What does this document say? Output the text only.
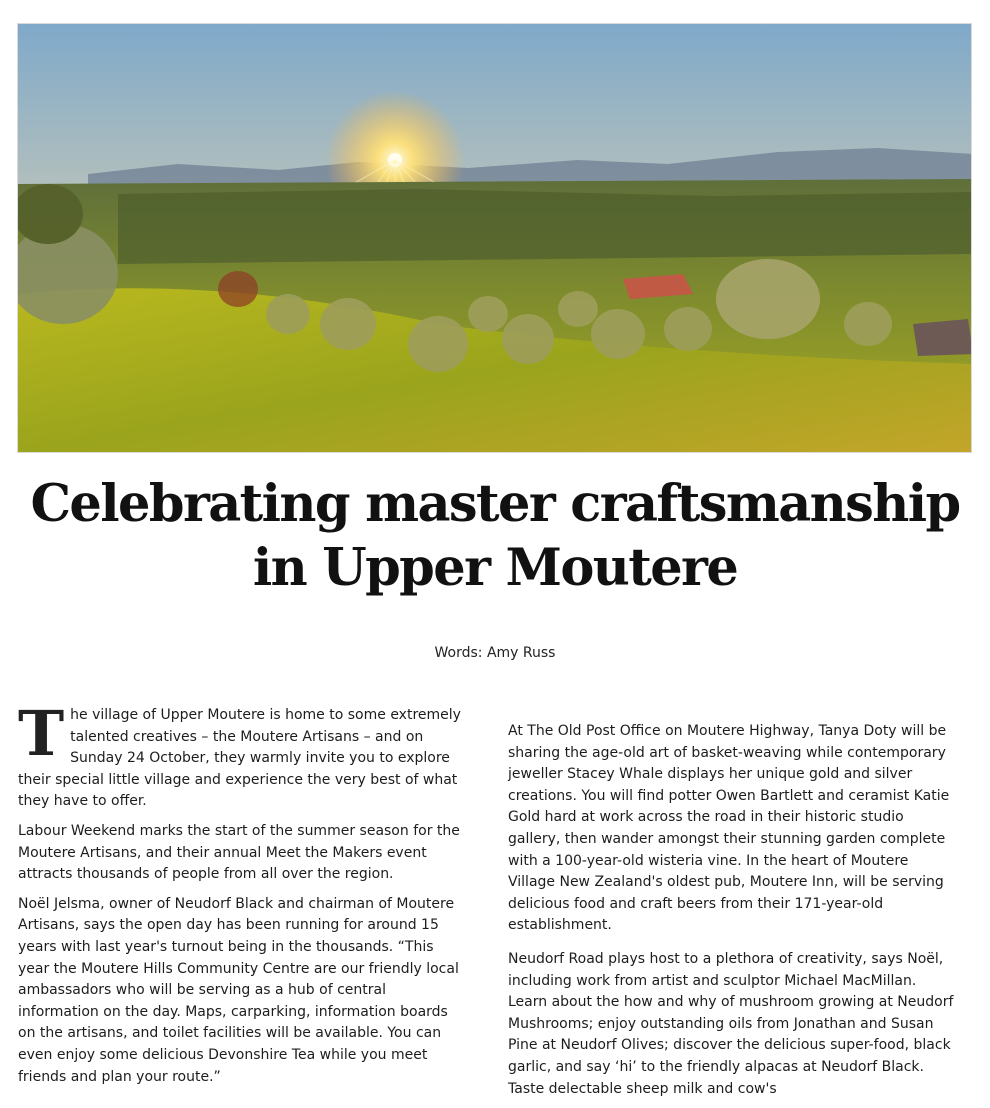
Celebrating master craftsmanship
in Upper Moutere
Words: Amy Russ

T he village of Upper Moutere is home to some extremely talented creatives – the Moutere Artisans – and on Sunday 24 October, they warmly invite you to explore their special little village and experience the very best of what they have to offer.

Labour Weekend marks the start of the summer season for the Moutere Artisans, and their annual Meet the Makers event attracts thousands of people from all over the region.

Noël Jelsma, owner of Neudorf Black and chairman of Moutere Artisans, says the open day has been running for around 15 years with last year's turnout being in the thousands. “This year the Moutere Hills Community Centre are our friendly local ambassadors who will be serving as a hub of central information on the day. Maps, carparking, information boards on the artisans, and toilet facilities will be available. You can even enjoy some delicious Devonshire Tea while you meet friends and plan your route.”

At The Old Post Office on Moutere Highway, Tanya Doty will be sharing the age-old art of basket-weaving while contemporary jeweller Stacey Whale displays her unique gold and silver creations. You will find potter Owen Bartlett and ceramist Katie Gold hard at work across the road in their historic studio gallery, then wander amongst their stunning garden complete with a 100-year-old wisteria vine. In the heart of Moutere Village New Zealand's oldest pub, Moutere Inn, will be serving delicious food and craft beers from their 171-year-old establishment.

Neudorf Road plays host to a plethora of creativity, says Noël, including work from artist and sculptor Michael MacMillan. Learn about the how and why of mushroom growing at Neudorf Mushrooms; enjoy outstanding oils from Jonathan and Susan Pine at Neudorf Olives; discover the delicious super-food, black garlic, and say ‘hi’ to the friendly alpacas at Neudorf Black. Taste delectable sheep milk and cow's
